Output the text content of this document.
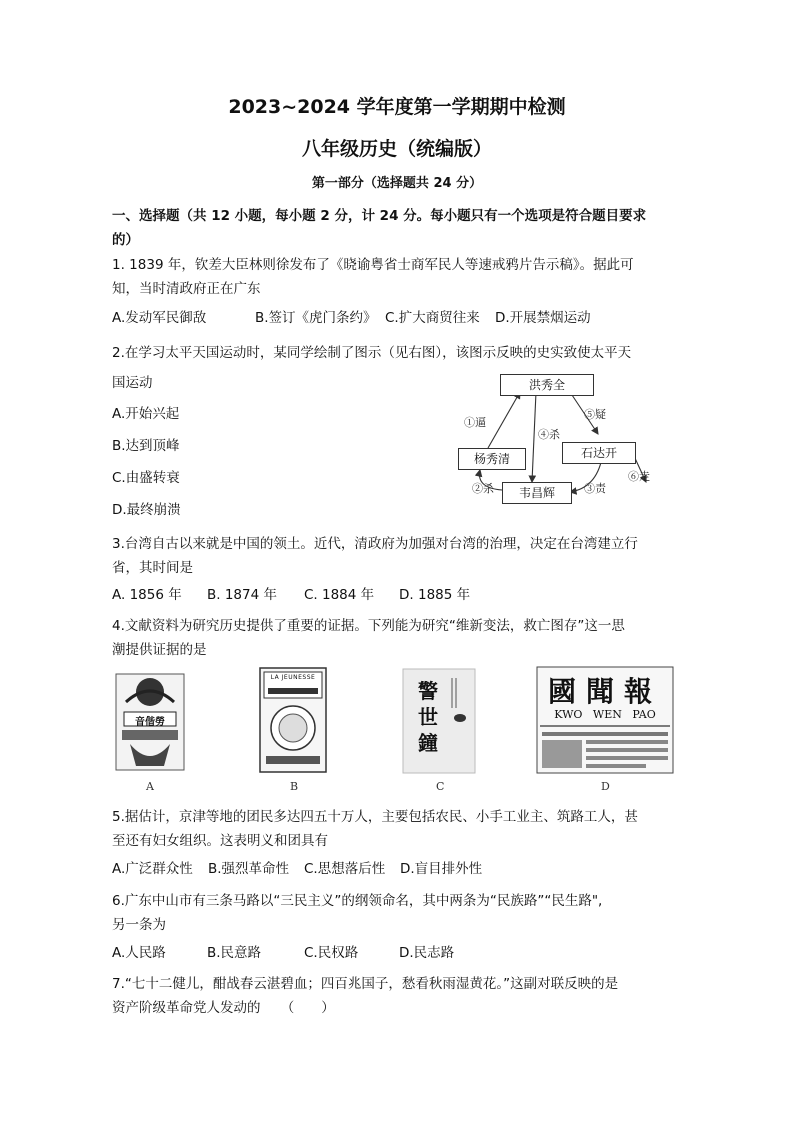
2023~2024 学年度第一学期期中检测
八年级历史（统编版）
第一部分（选择题共 24 分）
一、选择题（共 12 小题，每小题 2 分，计 24 分。每小题只有一个选项是符合题目要求
的）
1. 1839 年，钦差大臣林则徐发布了《晓谕粤省士商军民人等速戒鸦片告示稿》。据此可
知，当时清政府正在广东
A.发动军民御敌	B.签订《虎门条约》 C.扩大商贸往来 D.开展禁烟运动
2.在学习太平天国运动时，某同学绘制了图示（见右图），该图示反映的史实致使太平天
国运动
A.开始兴起
B.达到顶峰
C.由盛转衰
D.最终崩溃
洪秀全
杨秀清	石达开
韦昌辉
①逼
②杀	③责
④杀
⑤疑
⑥走
3.台湾自古以来就是中国的领土。近代，清政府为加强对台湾的治理，决定在台湾建立行
省，其时间是
A. 1856 年 B. 1874 年 C. 1884 年 D. 1885 年
4.文献资料为研究历史提供了重要的证据。下列能为研究“维新变法，救亡图存”这一思
潮提供证据的是
音偕勞
A
LA JEUNESSE
B
警世鐘
C
報聞國
KWO   WEN   PAO
D
5.据估计，京津等地的团民多达四五十万人，主要包括农民、小手工业主、筑路工人，甚
至还有妇女组织。这表明义和团具有
A.广泛群众性 B.强烈革命性 C.思想落后性 D.盲目排外性
6.广东中山市有三条马路以“三民主义”的纲领命名，其中两条为“民族路”“民生路",
另一条为
A.人民路	B.民意路	C.民权路	D.民志路
7.“七十二健儿，酣战春云湛碧血；四百兆国子，愁看秋雨湿黄花。”这副对联反映的是
资产阶级革命党人发动的　　（　　）
